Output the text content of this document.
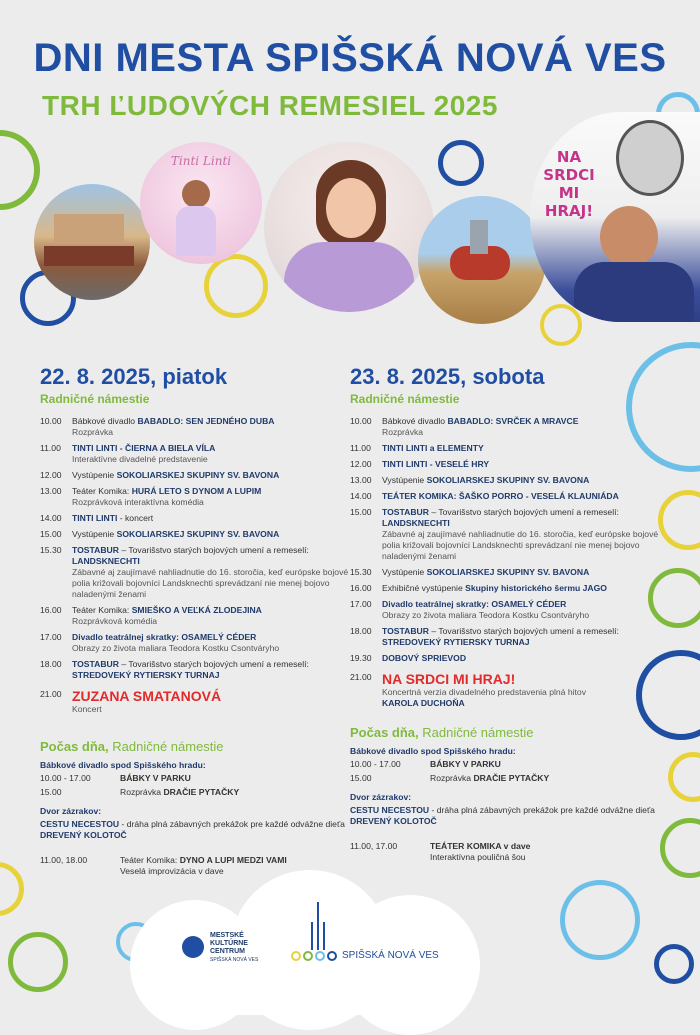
DNI MESTA SPIŠSKÁ NOVÁ VES
TRH ĽUDOVÝCH REMESIEL 2025
Tinti Linti	NA SRDCI MI HRAJ!
22. 8. 2025, piatok
Radničné námestie
10.00 Bábkové divadlo BABADLO: SEN JEDNÉHO DUBA
Rozprávka
11.00 TINTI LINTI - ČIERNA A BIELA VÍLA
Interaktívne divadelné predstavenie
12.00 Vystúpenie SOKOLIARSKEJ SKUPINY SV. BAVONA
13.00 Teáter Komika: HURÁ LETO S DYNOM A LUPIM
Rozprávková interaktívna komédia
14.00 TINTI LINTI - koncert
15.00 Vystúpenie SOKOLIARSKEJ SKUPINY SV. BAVONA
15.30 TOSTABUR – Tovarišstvo starých bojových umení a remeselí:
LANDSKNECHTI
Zábavné aj zaujímavé nahliadnutie do 16. storočia, keď európske bojové polia križovali bojovníci Landsknechti sprevádzaní nie menej bojovo naladenými ženami
16.00 Teáter Komika: SMIEŠKO A VEĽKÁ ZLODEJINA
Rozprávková komédia
17.00 Divadlo teatrálnej skratky: OSAMELÝ CÉDER
Obrazy zo života maliara Teodora Kostku Csontváryho
18.00 TOSTABUR – Tovarišstvo starých bojových umení a remeselí:
STREDOVEKÝ RYTIERSKY TURNAJ
21.00 ZUZANA SMATANOVÁ
Koncert
Počas dňa, Radničné námestie
Bábkové divadlo spod Spišského hradu:
10.00 - 17.00	BÁBKY V PARKU
15.00	Rozprávka DRAČIE PYTAČKY
Dvor zázrakov:
CESTU NECESTOU - dráha plná zábavných prekážok pre každé odvážne dieťa
DREVENÝ KOLOTOČ
11.00, 18.00	Teáter Komika: DYNO A LUPI MEDZI VAMI
Veselá improvizácia v dave
23. 8. 2025, sobota
Radničné námestie
10.00 Bábkové divadlo BABADLO: SVRČEK A MRAVCE
Rozprávka
11.00 TINTI LINTI a ELEMENTY
12.00 TINTI LINTI - VESELÉ HRY
13.00 Vystúpenie SOKOLIARSKEJ SKUPINY SV. BAVONA
14.00 TEÁTER KOMIKA: ŠAŠKO PORRO - VESELÁ KLAUNIÁDA
15.00 TOSTABUR – Tovarišstvo starých bojových umení a remeselí:
LANDSKNECHTI
Zábavné aj zaujímavé nahliadnutie do 16. storočia, keď európske bojové polia križovali bojovníci Landsknechti sprevádzaní nie menej bojovo naladenými ženami
15.30 Vystúpenie SOKOLIARSKEJ SKUPINY SV. BAVONA
16.00 Exhibičné vystúpenie Skupiny historického šermu JAGO
17.00 Divadlo teatrálnej skratky: OSAMELÝ CÉDER
Obrazy zo života maliara Teodora Kostku Csontváryho
18.00 TOSTABUR – Tovarišstvo starých bojových umení a remeselí:
STREDOVEKÝ RYTIERSKY TURNAJ
19.30 DOBOVÝ SPRIEVOD
21.00 NA SRDCI MI HRAJ!
Koncertná verzia divadelného predstavenia plná hitov
KAROLA DUCHOŇA
Počas dňa, Radničné námestie
Bábkové divadlo spod Spišského hradu:
10.00 - 17.00	BÁBKY V PARKU
15.00	Rozprávka DRAČIE PYTAČKY
Dvor zázrakov:
CESTU NECESTOU - dráha plná zábavných prekážok pre každé odvážne dieťa
DREVENÝ KOLOTOČ
11.00, 17.00	TEÁTER KOMIKA v dave
Interaktívna pouličná šou
MESTSKÉ
KULTÚRNE
CENTRUM
SPIŠSKÁ NOVÁ VES	SPIŠSKÁ NOVÁ VES
